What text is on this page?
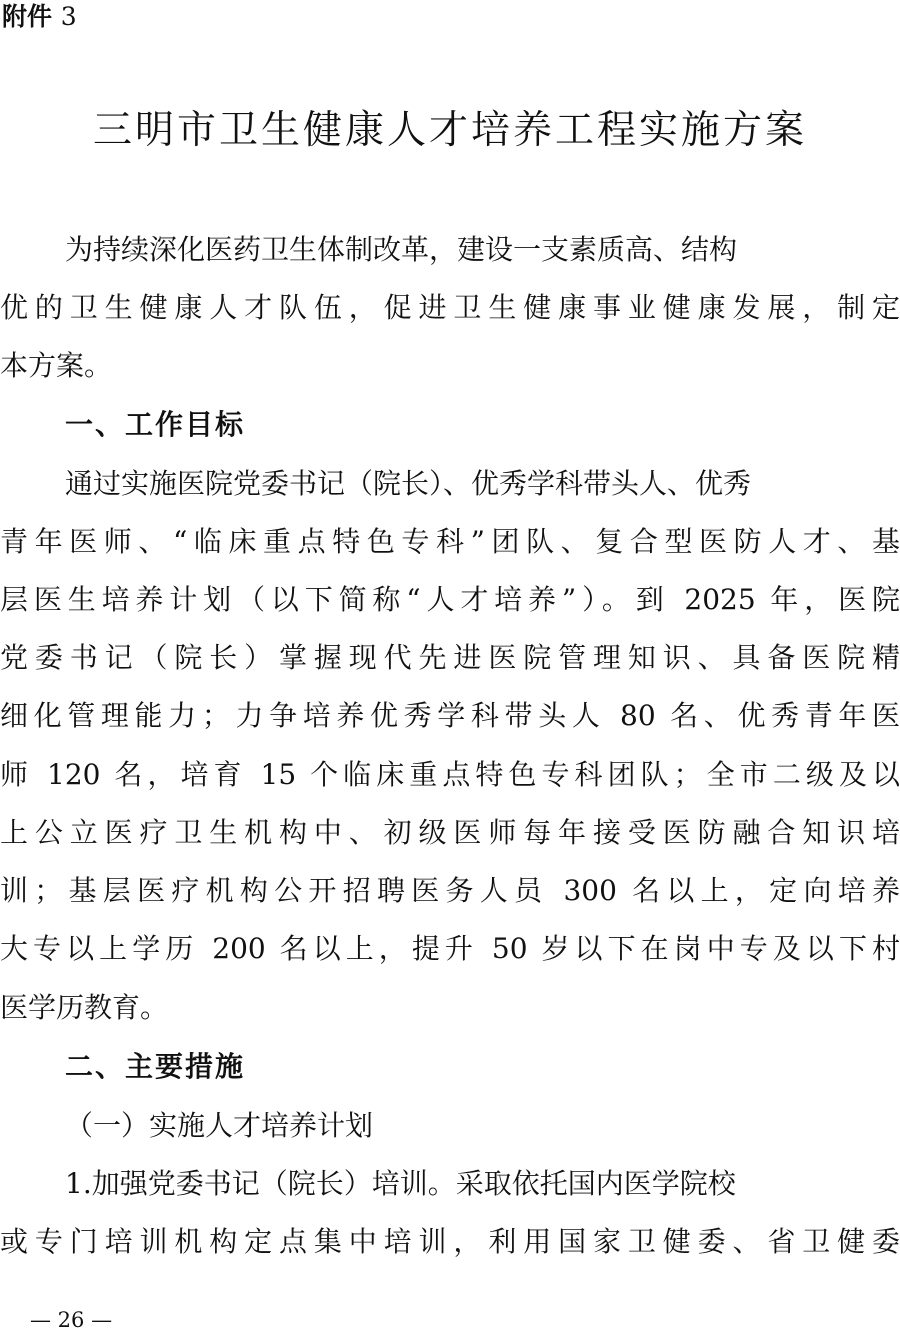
附件 3
三明市卫生健康人才培养工程实施方案
为持续深化医药卫生体制改革，建设一支素质高、结构
优的卫生健康人才队伍，促进卫生健康事业健康发展，制定
本方案。
一、工作目标
通过实施医院党委书记（院长）、优秀学科带头人、优秀
青年医师、“临床重点特色专科”团队、复合型医防人才、基
层医生培养计划（以下简称“人才培养”）。到 2025 年，医院
党委书记（院长）掌握现代先进医院管理知识、具备医院精
细化管理能力；力争培养优秀学科带头人 80 名、优秀青年医
师 120 名，培育 15 个临床重点特色专科团队；全市二级及以
上公立医疗卫生机构中、初级医师每年接受医防融合知识培
训；基层医疗机构公开招聘医务人员 300 名以上，定向培养
大专以上学历 200 名以上，提升 50 岁以下在岗中专及以下村
医学历教育。
二、主要措施
（一）实施人才培养计划
1.加强党委书记（院长）培训。采取依托国内医学院校
或专门培训机构定点集中培训，利用国家卫健委、省卫健委
— 26 —
